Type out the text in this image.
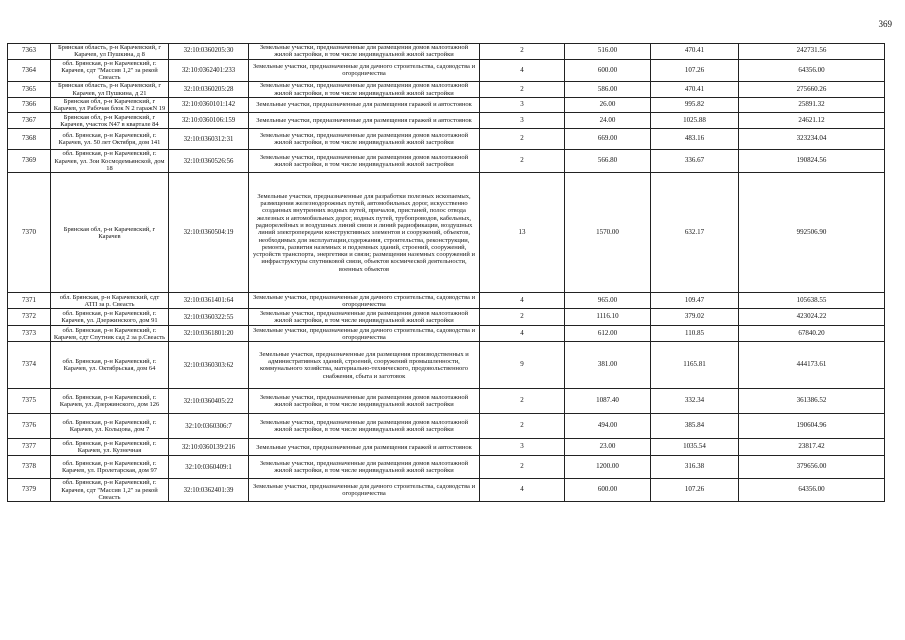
369
7363	Брянская область, р-н Карачевский, г Карачев, ул Пушкина, д 8	32:10:0360205:30	Земельные участки, предназначенные для размещения домов малоэтажной жилой застройки, в том числе индивидуальной жилой застройки	2	516.00	470.41	242731.56
7364	обл. Брянская, р-н Карачевский, г. Карачев, сдт "Массив 1,2" за рекой Свеасть	32:10:0362401:233	Земельные участки, предназначенные для дачного строительства, садоводства и огородничества	4	600.00	107.26	64356.00
7365	Брянская область, р-н Карачевский, г Карачев, ул Пушкина, д 21	32:10:0360205:28	Земельные участки, предназначенные для размещения домов малоэтажной жилой застройки, в том числе индивидуальной жилой застройки	2	586.00	470.41	275660.26
7366	Брянская обл, р-н Карачевский, г Карачев, ул Рабочая блок N 2 гаражN 19	32:10:0360101:142	Земельные участки, предназначенные для размещения гаражей и автостоянок	3	26.00	995.82	25891.32
7367	Брянская обл, р-н Карачевский, г Карачев, участок N47 в квартале 84	32:10:0360106:159	Земельные участки, предназначенные для размещения гаражей и автостоянок	3	24.00	1025.88	24621.12
7368	обл. Брянская, р-н Карачевский, г. Карачев, ул. 50 лет Октября, дом 141	32:10:0360312:31	Земельные участки, предназначенные для размещения домов малоэтажной жилой застройки, в том числе индивидуальной жилой застройки	2	669.00	483.16	323234.04
7369	обл. Брянская, р-н Карачевский, г. Карачев, ул. Зои Космодемьянской, дом 18	32:10:0360526:56	Земельные участки, предназначенные для размещения домов малоэтажной жилой застройки, в том числе индивидуальной жилой застройки	2	566.80	336.67	190824.56
7370	Брянская обл, р-н Карачевский, г Карачев	32:10:0360504:19	Земельные участки, предназначенные для разработки полезных ископаемых, размещения железнодорожных путей, автомобильных дорог, искусственно созданных внутренних водных путей, причалов, пристаней, полос отвода железных и автомобильных дорог, водных путей, трубопроводов, кабельных, радиорелейных и воздушных линий связи и линий радиофикации, воздушных линий электропередачи конструктивных элементов и сооружений, объектов, необходимых для эксплуатации,содержания, строительства, реконструкции, ремонта, развития наземных и подземных зданий, строений, сооружений, устройств транспорта, энергетики и связи; размещения наземных сооружений и инфраструктуры спутниковой связи, объектов космической деятельности, военных объектов	13	1570.00	632.17	992506.90
7371	обл. Брянская, р-н Карачевский, сдт АТП за р. Свеасть	32:10:0361401:64	Земельные участки, предназначенные для дачного строительства, садоводства и огородничества	4	965.00	109.47	105638.55
7372	обл. Брянская, р-н Карачевский, г. Карачев, ул. Дзержинского, дом 91	32:10:0360322:55	Земельные участки, предназначенные для размещения домов малоэтажной жилой застройки, в том числе индивидуальной жилой застройки	2	1116.10	379.02	423024.22
7373	обл. Брянская, р-н Карачевский, г. Карачев, сдт Спутник сад 2 за р.Свеасть	32:10:0361801:20	Земельные участки, предназначенные для дачного строительства, садоводства и огородничества	4	612.00	110.85	67840.20
7374	обл. Брянская, р-н Карачевский, г. Карачев, ул. Октябрьская, дом 64	32:10:0360303:62	Земельные участки, предназначенные для размещения производственных и административных зданий, строений, сооружений промышленности, коммунального хозяйства, материально-технического, продовольственного снабжения, сбыта и заготовок	9	381.00	1165.81	444173.61
7375	обл. Брянская, р-н Карачевский, г. Карачев, ул. Дзержинского, дом 126	32:10:0360405:22	Земельные участки, предназначенные для размещения домов малоэтажной жилой застройки, в том числе индивидуальной жилой застройки	2	1087.40	332.34	361386.52
7376	обл. Брянская, р-н Карачевский, г. Карачев, ул. Кольцова, дом 7	32:10:0360306:7	Земельные участки, предназначенные для размещения домов малоэтажной жилой застройки, в том числе индивидуальной жилой застройки	2	494.00	385.84	190604.96
7377	обл. Брянская, р-н Карачевский, г. Карачев, ул. Кузнечная	32:10:0360139:216	Земельные участки, предназначенные для размещения гаражей и автостоянок	3	23.00	1035.54	23817.42
7378	обл. Брянская, р-н Карачевский, г. Карачев, ул. Пролетарская, дом 97	32:10:0360409:1	Земельные участки, предназначенные для размещения домов малоэтажной жилой застройки, в том числе индивидуальной жилой застройки	2	1200.00	316.38	379656.00
7379	обл. Брянская, р-н Карачевский, г. Карачев, сдт "Массив 1,2" за рекой Свеасть	32:10:0362401:39	Земельные участки, предназначенные для дачного строительства, садоводства и огородничества	4	600.00	107.26	64356.00
